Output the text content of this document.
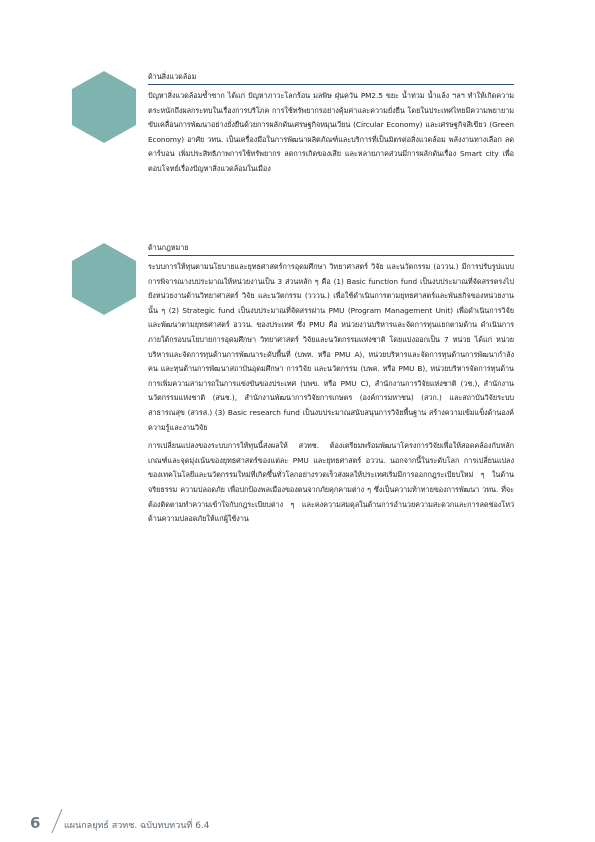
ด้านสิ่งแวดล้อม

ปัญหาสิ่งแวดล้อมซ้ำซาก ได้แก่ ปัญหาภาวะโลกร้อน มลพิษ ฝุ่นควัน PM2.5 ขยะ น้ำท่วม น้ำแล้ง ฯลฯ ทำให้เกิดความตระหนักถึงผลกระทบในเรื่องการบริโภค การใช้ทรัพยากรอย่างคุ้มค่าและความยั่งยืน โดยในประเทศไทยมีความพยายามขับเคลื่อนการพัฒนาอย่างยั่งยืนด้วยการผลักดันเศรษฐกิจหมุนเวียน (Circular Economy) และเศรษฐกิจสีเขียว (Green Economy) อาศัย วทน. เป็นเครื่องมือในการพัฒนาผลิตภัณฑ์และบริการที่เป็นมิตรต่อสิ่งแวดล้อม พลังงานทางเลือก ลดคาร์บอน เพิ่มประสิทธิภาพการใช้ทรัพยากร ลดการเกิดของเสีย และหลายภาคส่วนมีการผลักดันเรื่อง Smart city เพื่อตอบโจทย์เรื่องปัญหาสิ่งแวดล้อมในเมือง

ด้านกฎหมาย

ระบบการให้ทุนตามนโยบายและยุทธศาสตร์การอุดมศึกษา วิทยาศาสตร์ วิจัย และนวัตกรรม (อววน.) มีการปรับรูปแบบการพิจารณางบประมาณให้หน่วยงานเป็น 3 ส่วนหลัก ๆ คือ (1) Basic function fund เป็นงบประมาณที่จัดสรรตรงไปยังหน่วยงานด้านวิทยาศาสตร์ วิจัย และนวัตกรรม (วววน.) เพื่อใช้ดำเนินการตามยุทธศาสตร์และพันธกิจของหน่วยงานนั้น ๆ (2) Strategic fund เป็นงบประมาณที่จัดสรรผ่าน PMU (Program Management Unit) เพื่อดำเนินการวิจัยและพัฒนาตามยุทธศาสตร์ อววน. ของประเทศ ซึ่ง PMU คือ หน่วยงานบริหารและจัดการทุนแยกตามด้าน ดำเนินการภายใต้กรอบนโยบายการอุดมศึกษา วิทยาศาสตร์ วิจัยและนวัตกรรมแห่งชาติ โดยแบ่งออกเป็น 7 หน่วย ได้แก่ หน่วยบริหารและจัดการทุนด้านการพัฒนาระดับพื้นที่ (บพท. หรือ PMU A), หน่วยบริหารและจัดการทุนด้านการพัฒนากำลังคน และทุนด้านการพัฒนาสถาบันอุดมศึกษา การวิจัย และนวัตกรรม (บพค. หรือ PMU B), หน่วยบริหารจัดการทุนด้านการเพิ่มความสามารถในการแข่งขันของประเทศ (บพข. หรือ PMU C), สำนักงานการวิจัยแห่งชาติ (วช.), สำนักงานนวัตกรรมแห่งชาติ (สนช.), สำนักงานพัฒนาการวิจัยการเกษตร (องค์การมหาชน) (สวก.) และสถาบันวิจัยระบบสาธารณสุข (สวรส.) (3) Basic research fund เป็นงบประมาณสนับสนุนการวิจัยพื้นฐาน สร้างความเข้มแข็งด้านองค์ความรู้และงานวิจัย

การเปลี่ยนแปลงของระบบการให้ทุนนี้ส่งผลให้ สวทช. ต้องเตรียมพร้อมพัฒนาโครงการวิจัยเพื่อให้สอดคล้องกับหลักเกณฑ์และจุดมุ่งเน้นของยุทธศาสตร์ของแต่ละ PMU และยุทธศาสตร์ อววน. นอกจากนี้ในระดับโลก การเปลี่ยนแปลงของเทคโนโลยีและนวัตกรรมใหม่ที่เกิดขึ้นทั่วโลกอย่างรวดเร็วส่งผลให้ประเทศเริ่มมีการออกกฎระเบียบใหม่ ๆ ในด้านจริยธรรม ความปลอดภัย เพื่อปกป้องพลเมืองของตนจากภัยคุกคามต่าง ๆ ซึ่งเป็นความท้าทายของการพัฒนา วทน. ที่จะต้องติดตามทำความเข้าใจกับกฎระเบียบต่าง ๆ และคงความสมดุลในด้านการอำนวยความสะดวกและการลดช่องโหว่ด้านความปลอดภัยให้แก่ผู้ใช้งาน

6	แผนกลยุทธ์ สวทช. ฉบับทบทวนที่ 6.4
